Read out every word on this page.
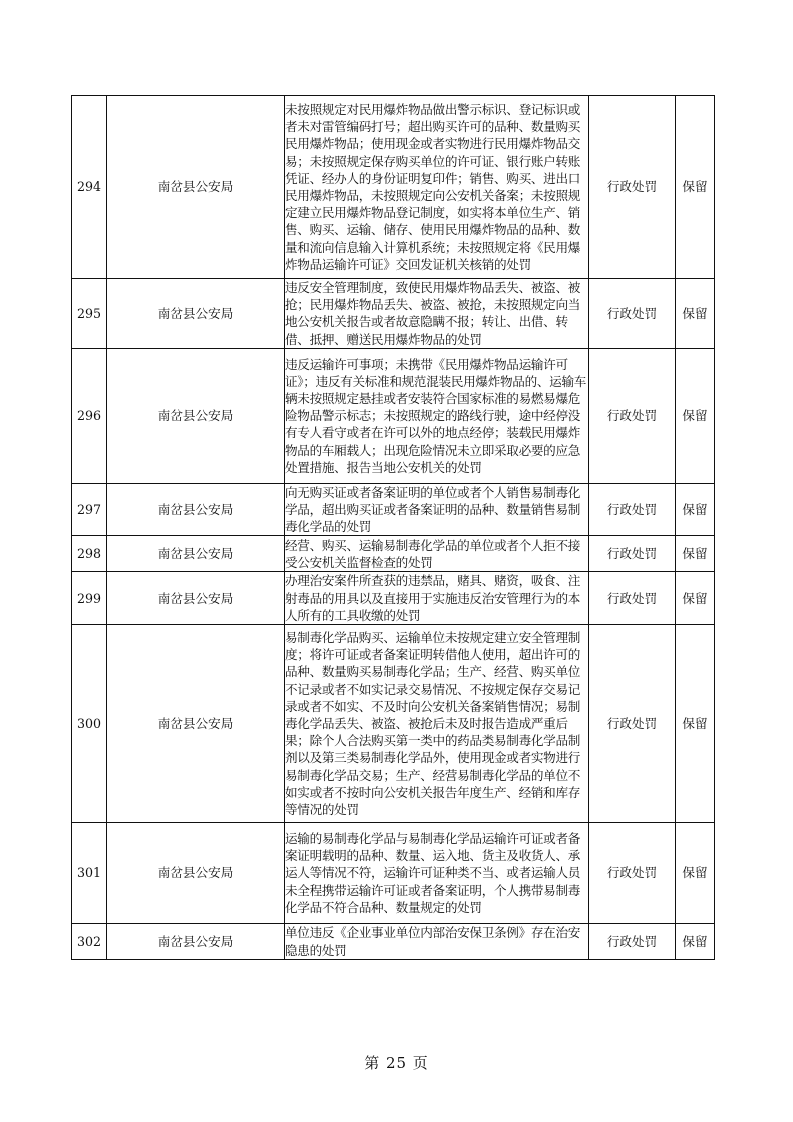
294	南岔县公安局	未按照规定对民用爆炸物品做出警示标识、登记标识或者未对雷管编码打号；超出购买许可的品种、数量购买民用爆炸物品；使用现金或者实物进行民用爆炸物品交易；未按照规定保存购买单位的许可证、银行账户转账凭证、经办人的身份证明复印件；销售、购买、进出口民用爆炸物品，未按照规定向公安机关备案；未按照规定建立民用爆炸物品登记制度，如实将本单位生产、销售、购买、运输、储存、使用民用爆炸物品的品种、数量和流向信息输入计算机系统；未按照规定将《民用爆炸物品运输许可证》交回发证机关核销的处罚	行政处罚	保留
295	南岔县公安局	违反安全管理制度，致使民用爆炸物品丢失、被盗、被抢；民用爆炸物品丢失、被盗、被抢，未按照规定向当地公安机关报告或者故意隐瞒不报；转让、出借、转借、抵押、赠送民用爆炸物品的处罚	行政处罚	保留
296	南岔县公安局	违反运输许可事项；未携带《民用爆炸物品运输许可证》；违反有关标准和规范混装民用爆炸物品的、运输车辆未按照规定悬挂或者安装符合国家标准的易燃易爆危险物品警示标志；未按照规定的路线行驶，途中经停没有专人看守或者在许可以外的地点经停；装载民用爆炸物品的车厢载人；出现危险情况未立即采取必要的应急处置措施、报告当地公安机关的处罚	行政处罚	保留
297	南岔县公安局	向无购买证或者备案证明的单位或者个人销售易制毒化学品，超出购买证或者备案证明的品种、数量销售易制毒化学品的处罚	行政处罚	保留
298	南岔县公安局	经营、购买、运输易制毒化学品的单位或者个人拒不接受公安机关监督检查的处罚	行政处罚	保留
299	南岔县公安局	办理治安案件所查获的违禁品，赌具、赌资，吸食、注射毒品的用具以及直接用于实施违反治安管理行为的本人所有的工具收缴的处罚	行政处罚	保留
300	南岔县公安局	易制毒化学品购买、运输单位未按规定建立安全管理制度；将许可证或者备案证明转借他人使用，超出许可的品种、数量购买易制毒化学品；生产、经营、购买单位不记录或者不如实记录交易情况、不按规定保存交易记录或者不如实、不及时向公安机关备案销售情况；易制毒化学品丢失、被盗、被抢后未及时报告造成严重后果；除个人合法购买第一类中的药品类易制毒化学品制剂以及第三类易制毒化学品外，使用现金或者实物进行易制毒化学品交易；生产、经营易制毒化学品的单位不如实或者不按时向公安机关报告年度生产、经销和库存等情况的处罚	行政处罚	保留
301	南岔县公安局	运输的易制毒化学品与易制毒化学品运输许可证或者备案证明载明的品种、数量、运入地、货主及收货人、承运人等情况不符，运输许可证种类不当、或者运输人员未全程携带运输许可证或者备案证明，个人携带易制毒化学品不符合品种、数量规定的处罚	行政处罚	保留
302	南岔县公安局	单位违反《企业事业单位内部治安保卫条例》存在治安隐患的处罚	行政处罚	保留
第 25 页
